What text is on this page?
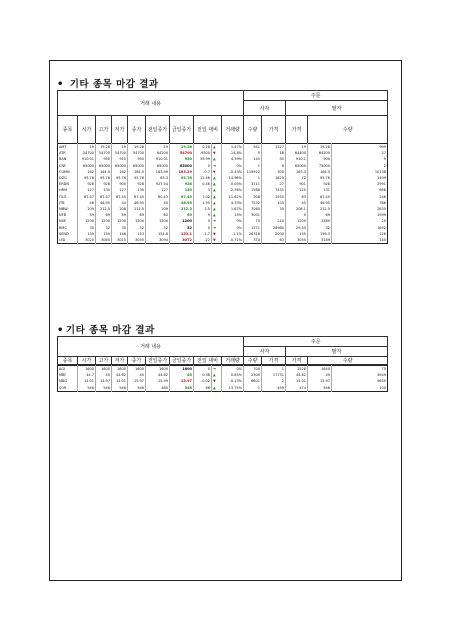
• 기타 종목 마감 결과
거래 내용									주문			
									사자		팔자	
종목	시가	고가	저가	종가	전일종가	금일종가	전일 대비	거래량	수량	가격	가격	수량
AMT	19	19.28	19	19.28	19	19.28	0.28	▲	1.47%	541	1327	19	19.28	999
ATR	54700	54700	54700	54700	64200	54700	-9500	▼	-14.8%	5	18	64400	64200	27
BAN	910.01	950	910	950	910.01	950	39.99	▲	4.39%	145	50	910.1	900	9
CNF	65000	65000	65000	65000	65000	65000	0	➔	0%	1	6	65000	75000	2
CUMN	162	164.5	162	164.5	163.99	163.29	-0.7	▼	-0.43%	119922	300	163.3	164.5	10138
DZG	95.76	95.76	95.76	95.76	83.3	95.76	12.46	▲	14.96%	1	1625	72	95.76	1499
ERDN	928	928	900	928	927.54	928	0.46	▲	0.05%	3111	27	901	928	2991
HRM	127	130	127	130	127	130	3	▲	2.36%	1586	7431	125	131	658
ITLS	67.47	67.47	67.45	67.45	60.43	67.45	7.02	▲	11.62%	208	1950	63	67.45	246
JTB	46	46.95	44	46.95	45	46.95	1.95	▲	4.33%	7532	105	45	46.95	786
MBW	209	212.5	208	212.5	209	212.5	3.5	▲	1.67%	7060	35	208.1	212.5	2635
NFB	59	69	59	69	60	69	9	▲	15%	3001		0	69	1999
NXE	1200	1200	1200	1200	1200	1200	0	➔	0%	70	210	1200	1380	20
RMC	30	32	30	32	32	32	0	➔	0%	1371	28980	29.55	32	1652
SEND	159	159	146	153	154.8	153.1	-1.7	▼	-1.1%	26318	2000	155	156.3	126
UID	3020	3060	3015	3055	3094	3072	-22	▼	-0.71%	370	63	3055	3189	140
• 기타 종목 마감 결과
거래 내용									주문			
									사자		팔자	
종목	시가	고가	저가	종가	전일종가	금일종가	전일 대비	거래량	수량	가격	가격	수량
AGI	1600	1600	1600	1600	1600	1600	0	➔	0%	700	1	1528	1640	70
MBF	44.7	45	44.62	45	44.62	45	0.38	▲	0.85%	2300	17731	44.62	45	4949
MBG	15.01	15.97	15.01	15.97	15.99	15.97	-0.02	▼	-0.13%	6601	2	15.01	15.97	9655
SOR	546	546	546	546	480	546	66	▲	13.75%	1	499	474	546	100
